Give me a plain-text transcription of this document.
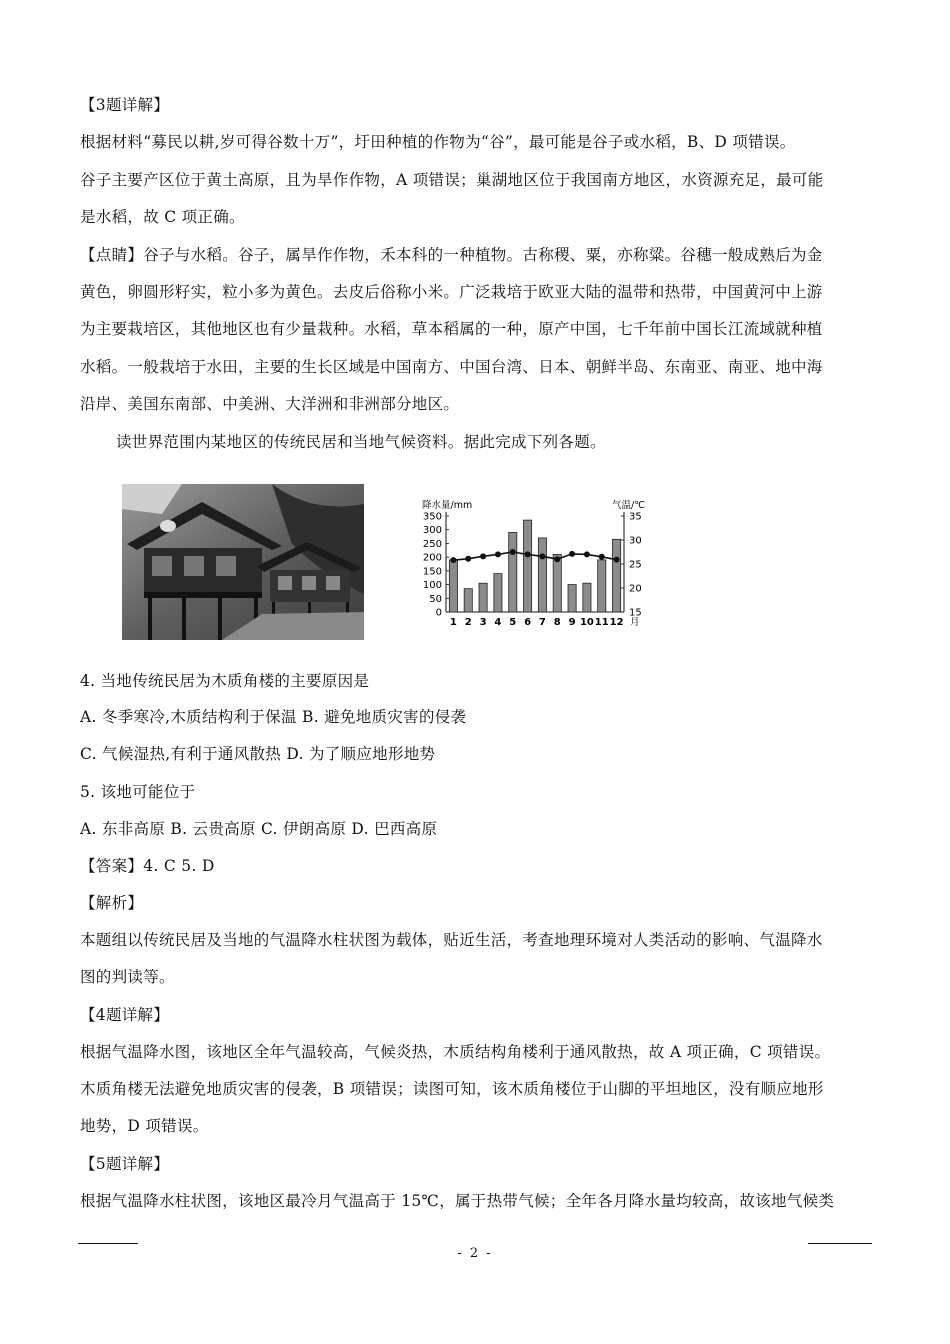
【3题详解】
根据材料“募民以耕,岁可得谷数十万”，圩田种植的作物为“谷”，最可能是谷子或水稻，B、D 项错误。
谷子主要产区位于黄土高原，且为旱作作物，A 项错误；巢湖地区位于我国南方地区，水资源充足，最可能
是水稻，故 C 项正确。
【点睛】谷子与水稻。谷子，属旱作作物，禾本科的一种植物。古称稷、粟，亦称粱。谷穗一般成熟后为金
黄色，卵圆形籽实，粒小多为黄色。去皮后俗称小米。广泛栽培于欧亚大陆的温带和热带，中国黄河中上游
为主要栽培区，其他地区也有少量栽种。水稻，草本稻属的一种，原产中国，七千年前中国长江流域就种植
水稻。一般栽培于水田，主要的生长区域是中国南方、中国台湾、日本、朝鲜半岛、东南亚、南亚、地中海
沿岸、美国东南部、中美洲、大洋洲和非洲部分地区。
读世界范围内某地区的传统民居和当地气候资料。据此完成下列各题。
降水量/mm	气温/℃
0
50
100
150
200
250
300
350
15
20
25
30
35
1 2 3 4 5 6 7 8 9 10 11 12 月
4. 当地传统民居为木质角楼的主要原因是
A. 冬季寒冷,木质结构利于保温 B. 避免地质灾害的侵袭
C. 气候湿热,有利于通风散热 D. 为了顺应地形地势
5. 该地可能位于
A. 东非高原 B. 云贵高原 C. 伊朗高原 D. 巴西高原
【答案】4. C 5. D
【解析】
本题组以传统民居及当地的气温降水柱状图为载体，贴近生活，考查地理环境对人类活动的影响、气温降水
图的判读等。
【4题详解】
根据气温降水图，该地区全年气温较高，气候炎热，木质结构角楼利于通风散热，故 A 项正确，C 项错误。
木质角楼无法避免地质灾害的侵袭，B 项错误；读图可知，该木质角楼位于山脚的平坦地区，没有顺应地形
地势，D 项错误。
【5题详解】
根据气温降水柱状图，该地区最冷月气温高于 15℃，属于热带气候；全年各月降水量均较高，故该地气候类
- 2 -
